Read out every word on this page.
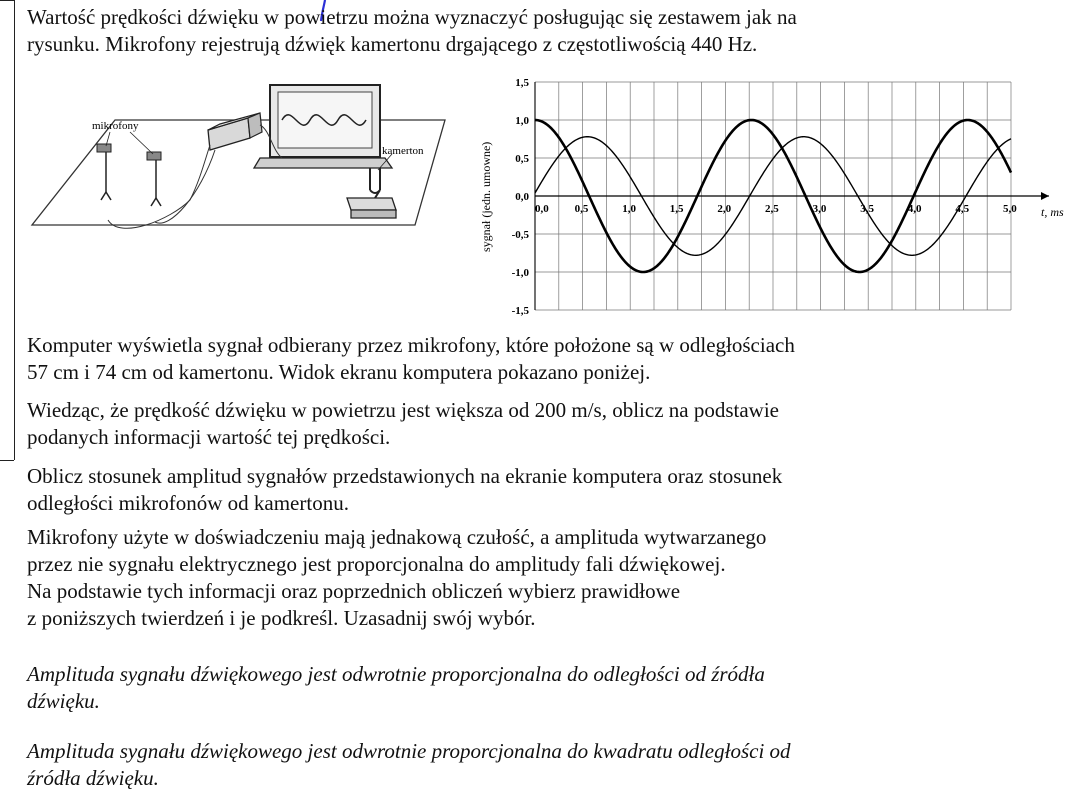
Wartość prędkości dźwięku w powietrzu można wyznaczyć posługując się zestawem jak na
rysunku. Mikrofony rejestrują dźwięk kamertonu drgającego z częstotliwością 440 Hz.

mikrofony
kamerton
1,5
1,0
0,5
0,0
-0,5
-1,0
-1,5
0,0 0,5	1,0	1,5	2,0	2,5	3,0	3,5	4,0	4,5	5,0
sygnał (jedn. umowne)	t, ms

Komputer wyświetla sygnał odbierany przez mikrofony, które położone są w odległościach
57 cm i 74 cm od kamertonu. Widok ekranu komputera pokazano poniżej.

Wiedząc, że prędkość dźwięku w powietrzu jest większa od 200 m/s, oblicz na podstawie
podanych informacji wartość tej prędkości.

Oblicz stosunek amplitud sygnałów przedstawionych na ekranie komputera oraz stosunek
odległości mikrofonów od kamertonu.

Mikrofony użyte w doświadczeniu mają jednakową czułość, a amplituda wytwarzanego
przez nie sygnału elektrycznego jest proporcjonalna do amplitudy fali dźwiękowej.
Na podstawie tych informacji oraz poprzednich obliczeń wybierz prawidłowe
z poniższych twierdzeń i je podkreśl. Uzasadnij swój wybór.

Amplituda sygnału dźwiękowego jest odwrotnie proporcjonalna do odległości od źródła
dźwięku.

Amplituda sygnału dźwiękowego jest odwrotnie proporcjonalna do kwadratu odległości od
źródła dźwięku.
